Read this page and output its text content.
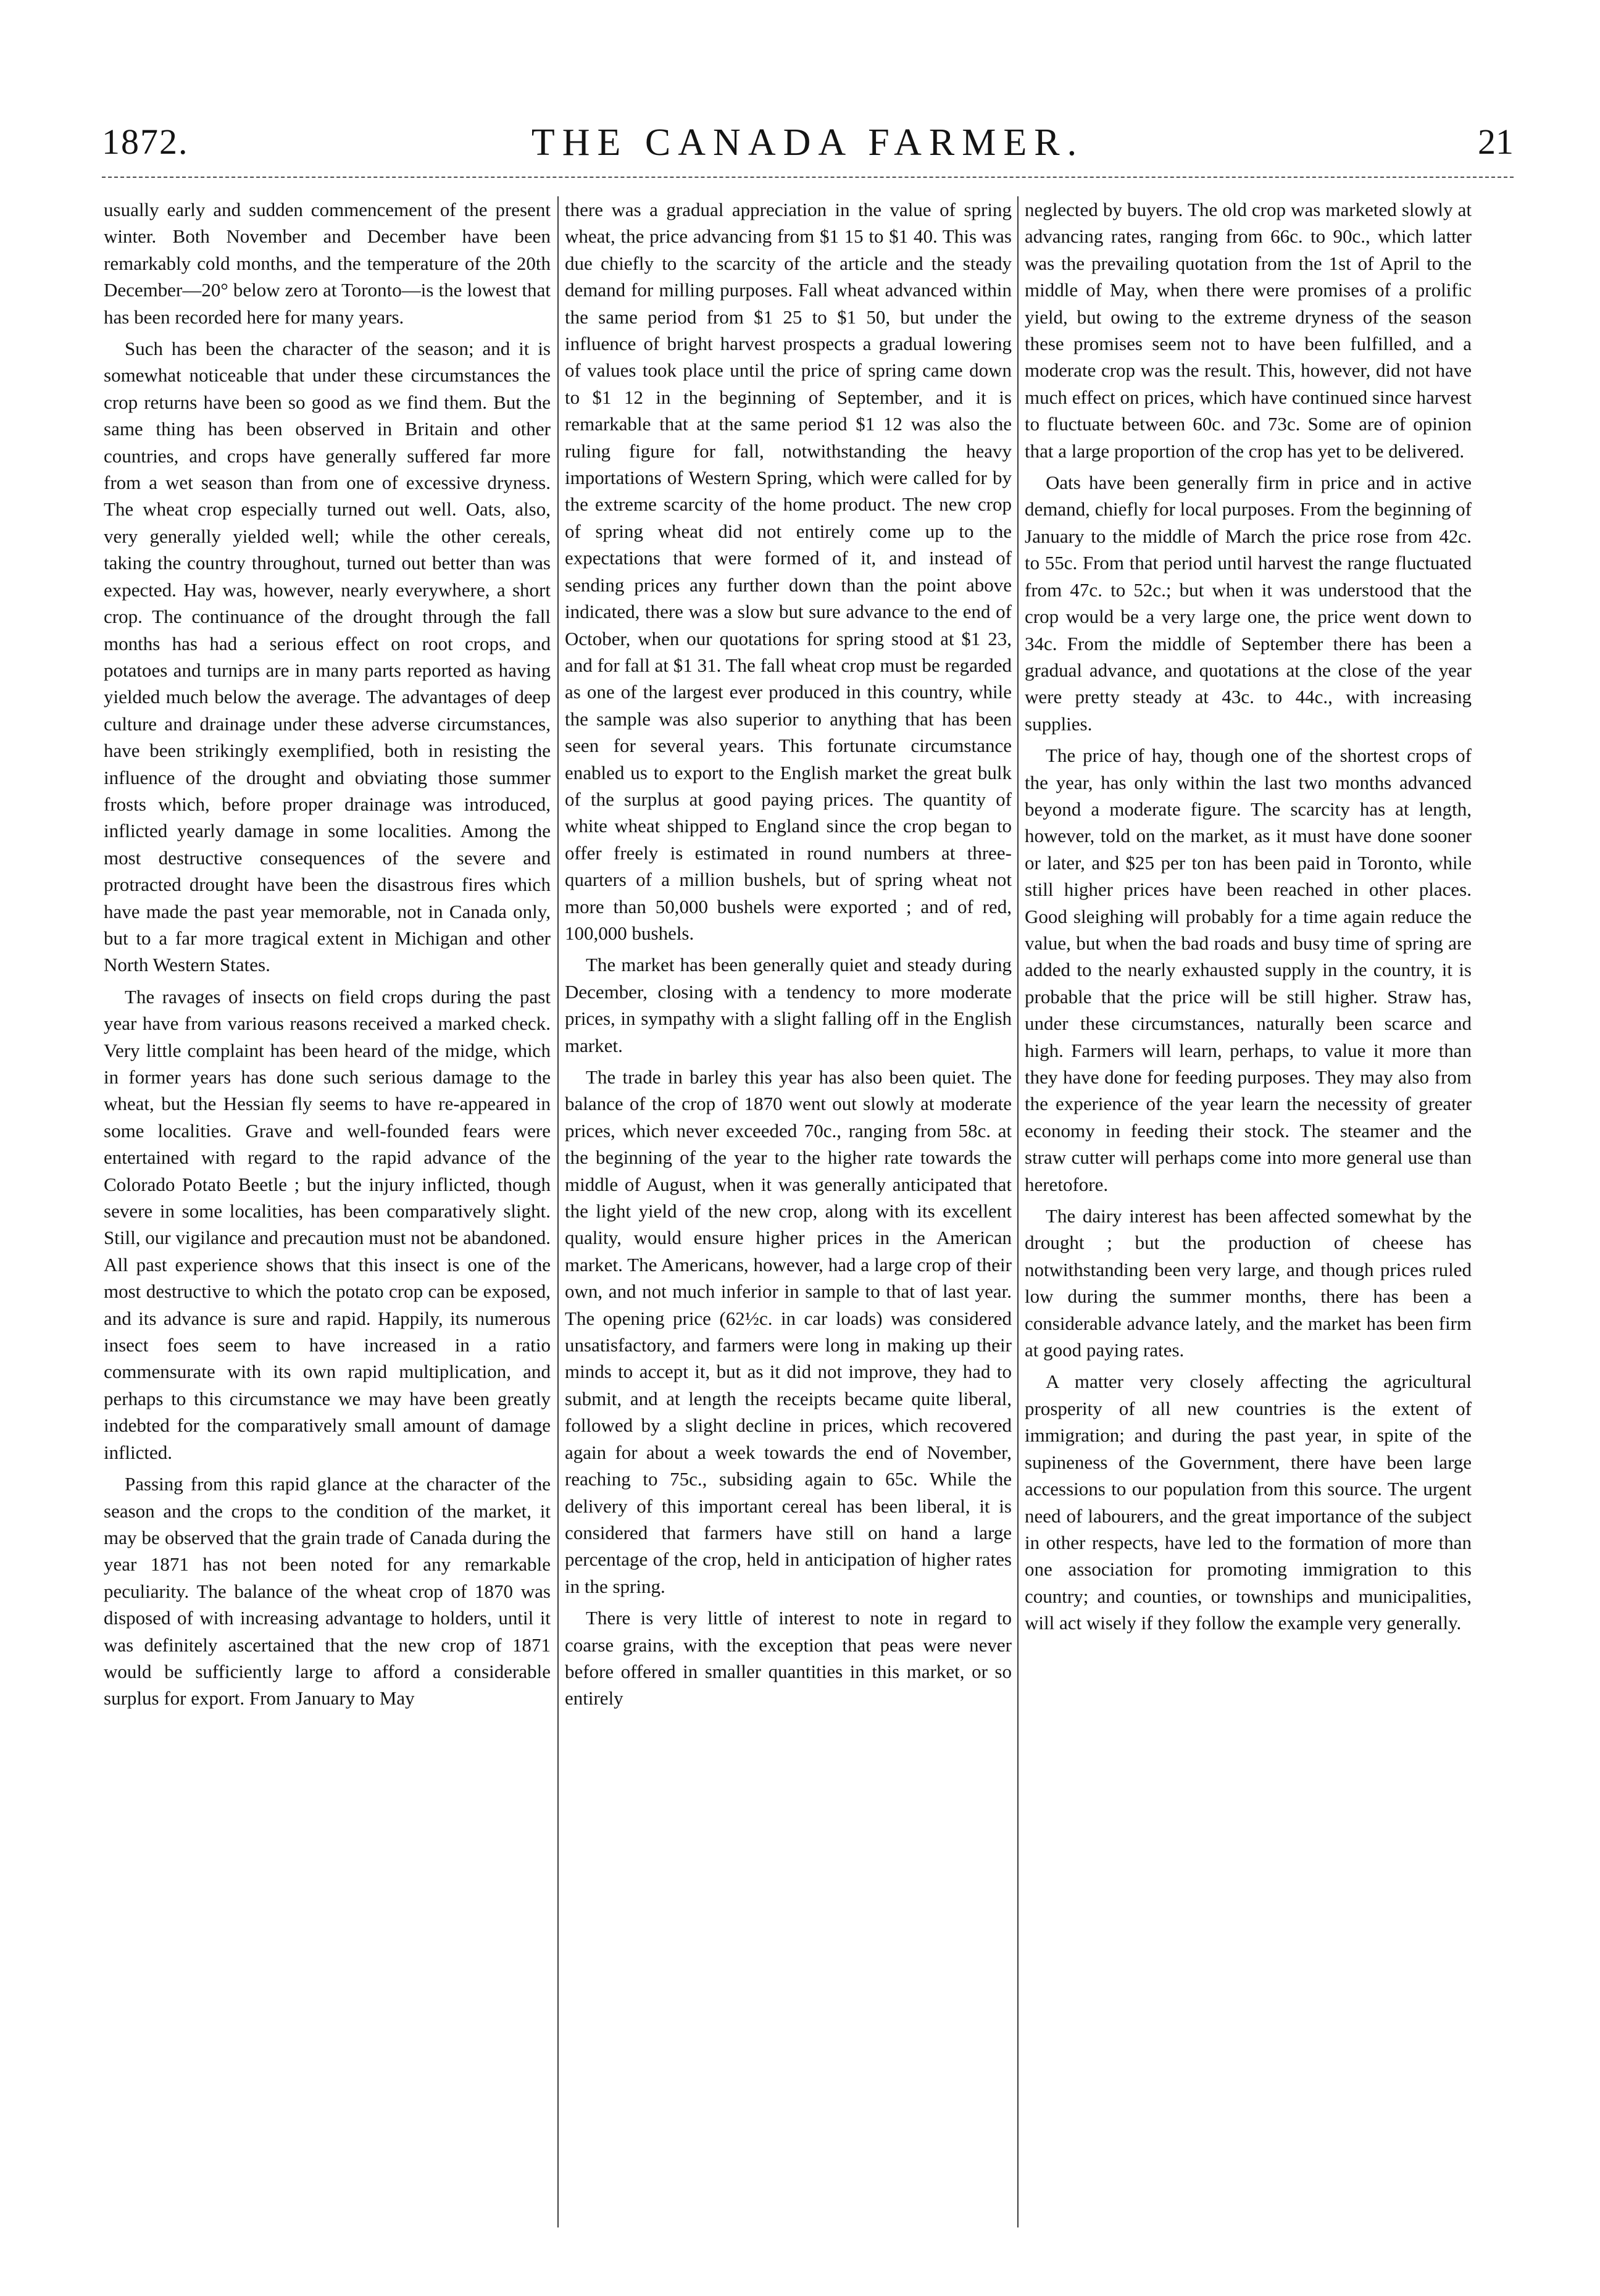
1872.	THE CANADA FARMER.	21

usually early and sudden commencement of the present winter. Both November and December have been remarkably cold months, and the temperature of the 20th December—20° below zero at Toronto—is the lowest that has been recorded here for many years.

Such has been the character of the season; and it is somewhat noticeable that under these circumstances the crop returns have been so good as we find them. But the same thing has been observed in Britain and other countries, and crops have generally suffered far more from a wet season than from one of excessive dryness. The wheat crop especially turned out well. Oats, also, very generally yielded well; while the other cereals, taking the country throughout, turned out better than was expected. Hay was, however, nearly everywhere, a short crop. The continuance of the drought through the fall months has had a serious effect on root crops, and potatoes and turnips are in many parts reported as having yielded much below the average. The advantages of deep culture and drainage under these adverse circumstances, have been strikingly exemplified, both in resisting the influence of the drought and obviating those summer frosts which, before proper drainage was introduced, inflicted yearly damage in some localities. Among the most destructive consequences of the severe and protracted drought have been the disastrous fires which have made the past year memorable, not in Canada only, but to a far more tragical extent in Michigan and other North Western States.

The ravages of insects on field crops during the past year have from various reasons received a marked check. Very little complaint has been heard of the midge, which in former years has done such serious damage to the wheat, but the Hessian fly seems to have re-appeared in some localities. Grave and well-founded fears were entertained with regard to the rapid advance of the Colorado Potato Beetle ; but the injury inflicted, though severe in some localities, has been comparatively slight. Still, our vigilance and precaution must not be abandoned. All past experience shows that this insect is one of the most destructive to which the potato crop can be exposed, and its advance is sure and rapid. Happily, its numerous insect foes seem to have increased in a ratio commensurate with its own rapid multiplication, and perhaps to this circumstance we may have been greatly indebted for the comparatively small amount of damage inflicted.

Passing from this rapid glance at the character of the season and the crops to the condition of the market, it may be observed that the grain trade of Canada during the year 1871 has not been noted for any remarkable peculiarity. The balance of the wheat crop of 1870 was disposed of with increasing advantage to holders, until it was definitely ascertained that the new crop of 1871 would be sufficiently large to afford a considerable surplus for export. From January to May

there was a gradual appreciation in the value of spring wheat, the price advancing from $1 15 to $1 40. This was due chiefly to the scarcity of the article and the steady demand for milling purposes. Fall wheat advanced within the same period from $1 25 to $1 50, but under the influence of bright harvest prospects a gradual lowering of values took place until the price of spring came down to $1 12 in the beginning of September, and it is remarkable that at the same period $1 12 was also the ruling figure for fall, notwithstanding the heavy importations of Western Spring, which were called for by the extreme scarcity of the home product. The new crop of spring wheat did not entirely come up to the expectations that were formed of it, and instead of sending prices any further down than the point above indicated, there was a slow but sure advance to the end of October, when our quotations for spring stood at $1 23, and for fall at $1 31. The fall wheat crop must be regarded as one of the largest ever produced in this country, while the sample was also superior to anything that has been seen for several years. This fortunate circumstance enabled us to export to the English market the great bulk of the surplus at good paying prices. The quantity of white wheat shipped to England since the crop began to offer freely is estimated in round numbers at three-quarters of a million bushels, but of spring wheat not more than 50,000 bushels were exported ; and of red, 100,000 bushels.

The market has been generally quiet and steady during December, closing with a tendency to more moderate prices, in sympathy with a slight falling off in the English market.

The trade in barley this year has also been quiet. The balance of the crop of 1870 went out slowly at moderate prices, which never exceeded 70c., ranging from 58c. at the beginning of the year to the higher rate towards the middle of August, when it was generally anticipated that the light yield of the new crop, along with its excellent quality, would ensure higher prices in the American market. The Americans, however, had a large crop of their own, and not much inferior in sample to that of last year. The opening price (62½c. in car loads) was considered unsatisfactory, and farmers were long in making up their minds to accept it, but as it did not improve, they had to submit, and at length the receipts became quite liberal, followed by a slight decline in prices, which recovered again for about a week towards the end of November, reaching to 75c., subsiding again to 65c. While the delivery of this important cereal has been liberal, it is considered that farmers have still on hand a large percentage of the crop, held in anticipation of higher rates in the spring.

There is very little of interest to note in regard to coarse grains, with the exception that peas were never before offered in smaller quantities in this market, or so entirely

neglected by buyers. The old crop was marketed slowly at advancing rates, ranging from 66c. to 90c., which latter was the prevailing quotation from the 1st of April to the middle of May, when there were promises of a prolific yield, but owing to the extreme dryness of the season these promises seem not to have been fulfilled, and a moderate crop was the result. This, however, did not have much effect on prices, which have continued since harvest to fluctuate between 60c. and 73c. Some are of opinion that a large proportion of the crop has yet to be delivered.

Oats have been generally firm in price and in active demand, chiefly for local purposes. From the beginning of January to the middle of March the price rose from 42c. to 55c. From that period until harvest the range fluctuated from 47c. to 52c.; but when it was understood that the crop would be a very large one, the price went down to 34c. From the middle of September there has been a gradual advance, and quotations at the close of the year were pretty steady at 43c. to 44c., with increasing supplies.

The price of hay, though one of the shortest crops of the year, has only within the last two months advanced beyond a moderate figure. The scarcity has at length, however, told on the market, as it must have done sooner or later, and $25 per ton has been paid in Toronto, while still higher prices have been reached in other places. Good sleighing will probably for a time again reduce the value, but when the bad roads and busy time of spring are added to the nearly exhausted supply in the country, it is probable that the price will be still higher. Straw has, under these circumstances, naturally been scarce and high. Farmers will learn, perhaps, to value it more than they have done for feeding purposes. They may also from the experience of the year learn the necessity of greater economy in feeding their stock. The steamer and the straw cutter will perhaps come into more general use than heretofore.

The dairy interest has been affected somewhat by the drought ; but the production of cheese has notwithstanding been very large, and though prices ruled low during the summer months, there has been a considerable advance lately, and the market has been firm at good paying rates.

A matter very closely affecting the agricultural prosperity of all new countries is the extent of immigration; and during the past year, in spite of the supineness of the Government, there have been large accessions to our population from this source. The urgent need of labourers, and the great importance of the subject in other respects, have led to the formation of more than one association for promoting immigration to this country; and counties, or townships and municipalities, will act wisely if they follow the example very generally.
